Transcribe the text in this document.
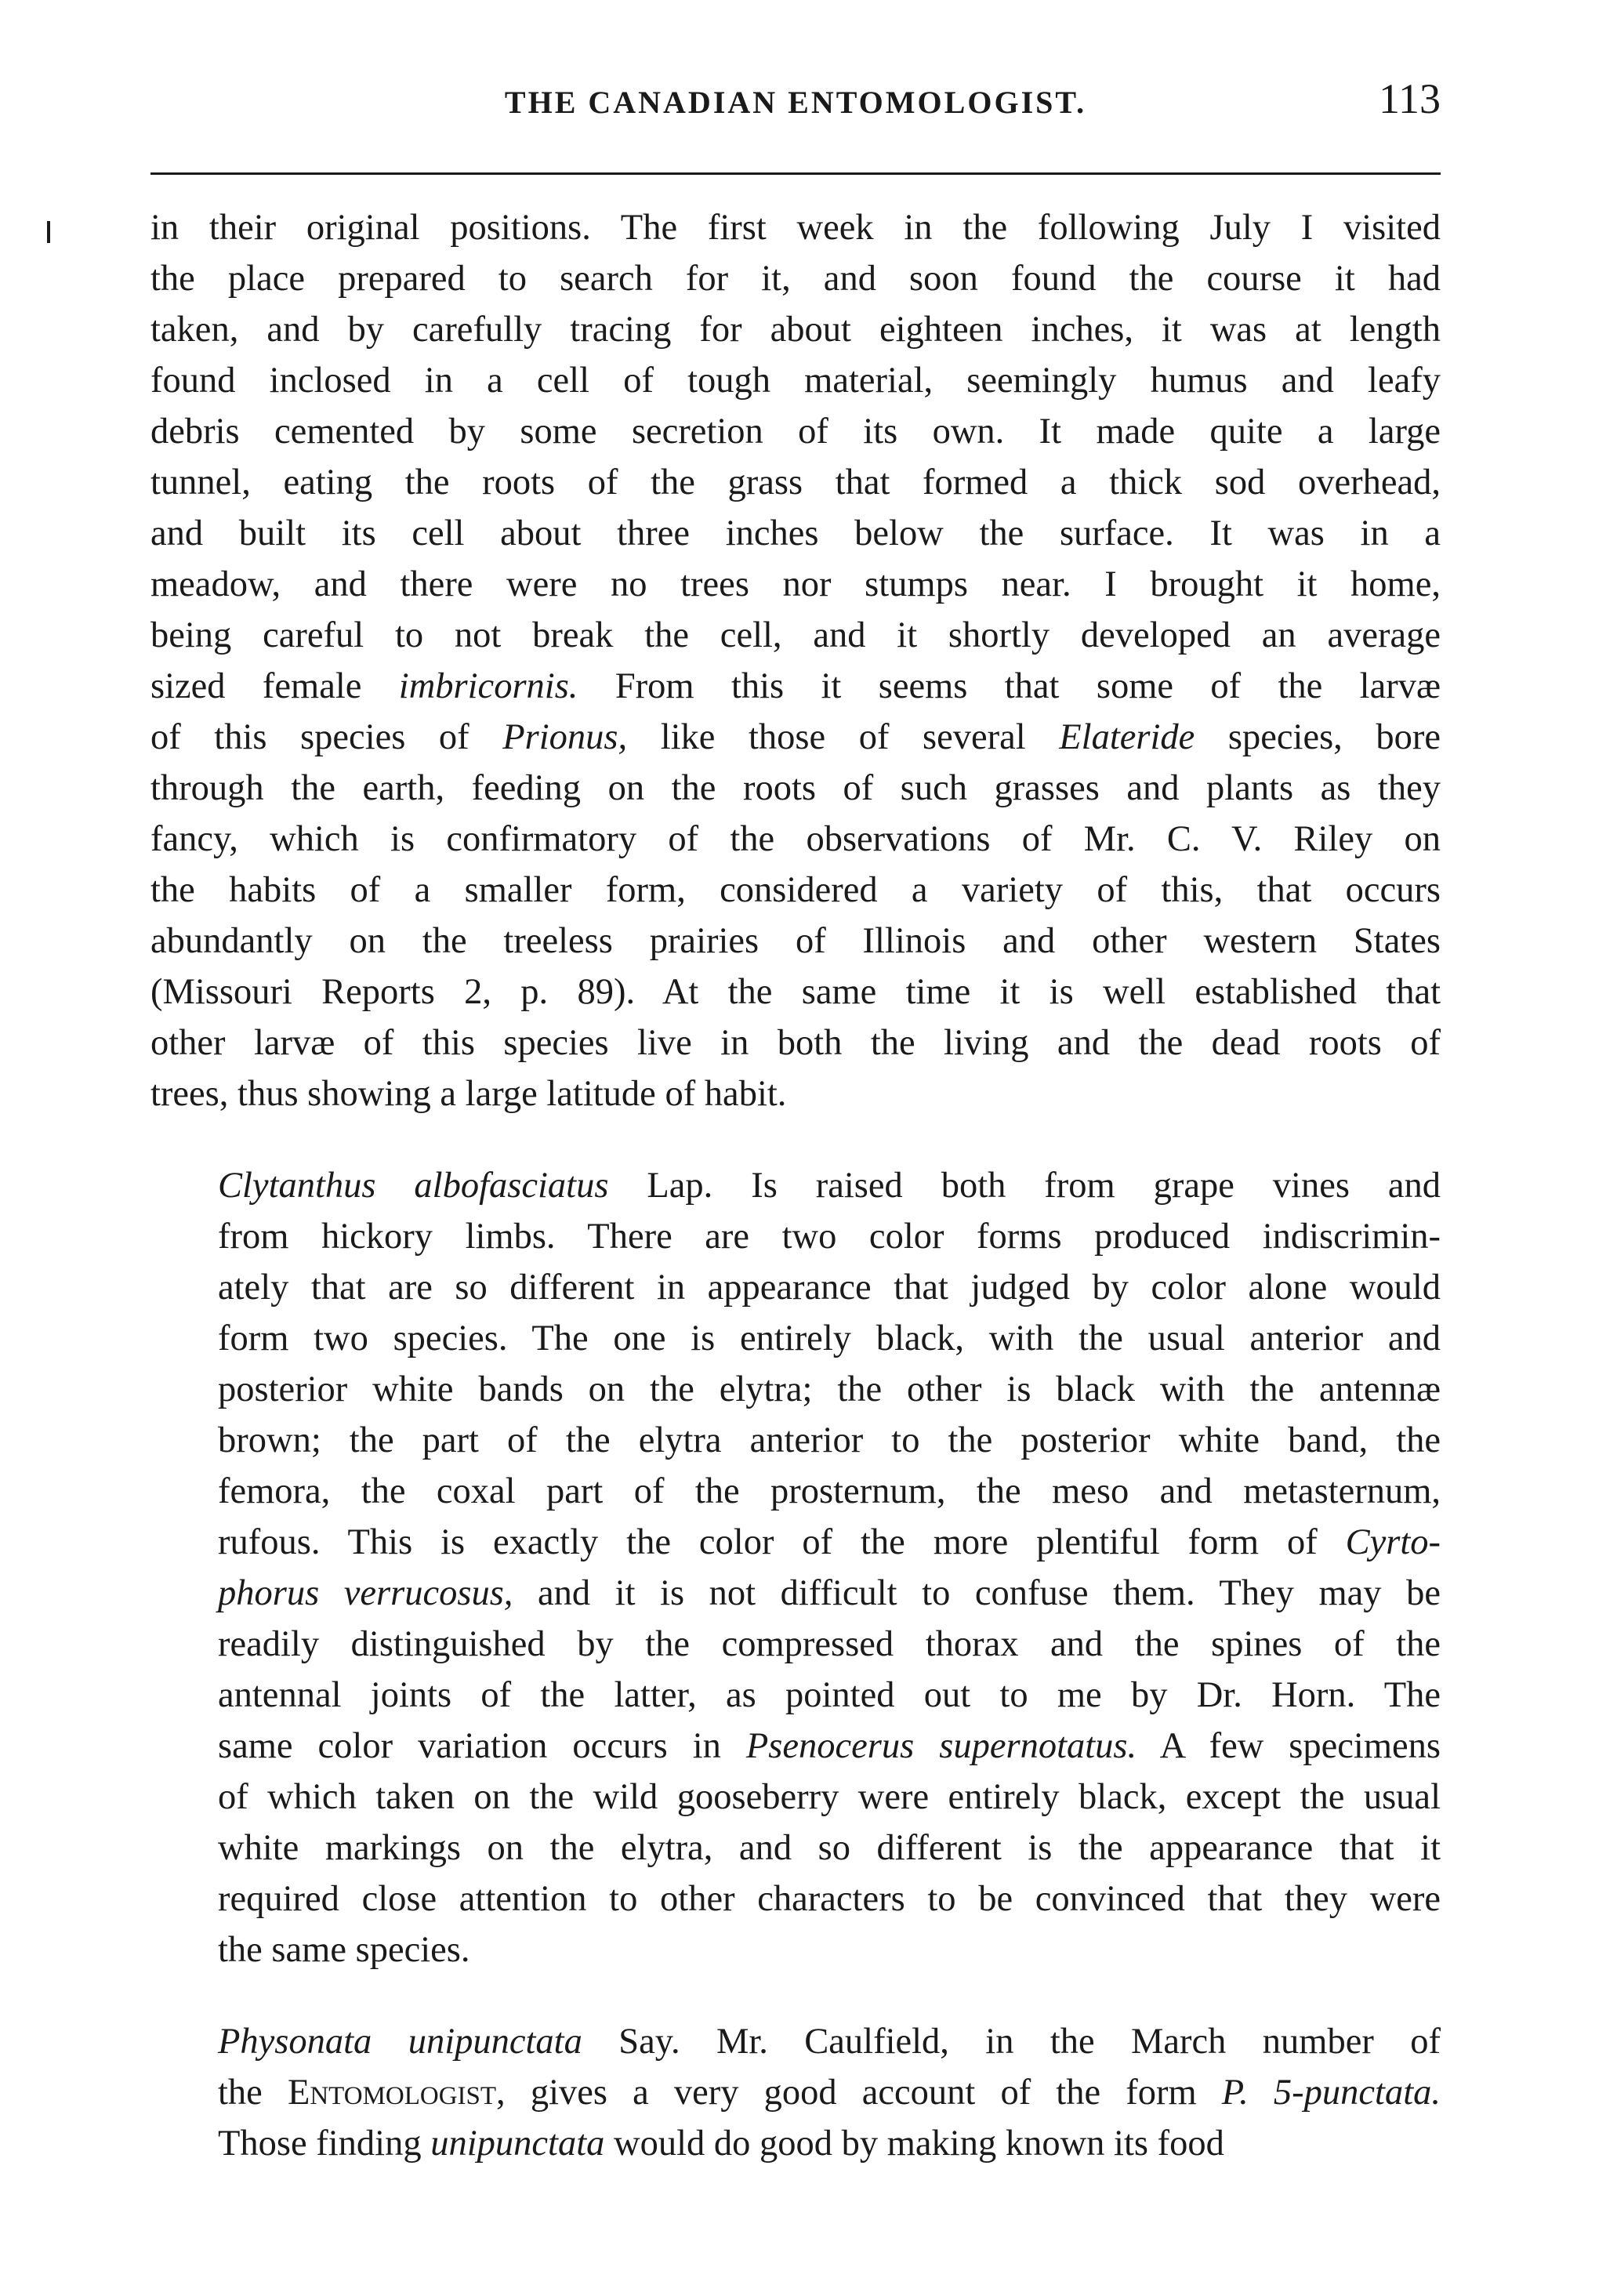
THE CANADIAN ENTOMOLOGIST.	113

in their original positions. The first week in the following July I visited
the place prepared to search for it, and soon found the course it had
taken, and by carefully tracing for about eighteen inches, it was at length
found inclosed in a cell of tough material, seemingly humus and leafy
debris cemented by some secretion of its own. It made quite a large
tunnel, eating the roots of the grass that formed a thick sod overhead,
and built its cell about three inches below the surface. It was in a
meadow, and there were no trees nor stumps near. I brought it home,
being careful to not break the cell, and it shortly developed an average
sized female imbricornis. From this it seems that some of the larvæ
of this species of Prionus, like those of several Elateride species, bore
through the earth, feeding on the roots of such grasses and plants as they
fancy, which is confirmatory of the observations of Mr. C. V. Riley on
the habits of a smaller form, considered a variety of this, that occurs
abundantly on the treeless prairies of Illinois and other western States
(Missouri Reports 2, p. 89). At the same time it is well established that
other larvæ of this species live in both the living and the dead roots of
trees, thus showing a large latitude of habit.

Clytanthus albofasciatus Lap. Is raised both from grape vines and
from hickory limbs. There are two color forms produced indiscrimin-
ately that are so different in appearance that judged by color alone would
form two species. The one is entirely black, with the usual anterior and
posterior white bands on the elytra; the other is black with the antennæ
brown; the part of the elytra anterior to the posterior white band, the
femora, the coxal part of the prosternum, the meso and metasternum,
rufous. This is exactly the color of the more plentiful form of Cyrto-
phorus verrucosus, and it is not difficult to confuse them. They may be
readily distinguished by the compressed thorax and the spines of the
antennal joints of the latter, as pointed out to me by Dr. Horn. The
same color variation occurs in Psenocerus supernotatus. A few specimens
of which taken on the wild gooseberry were entirely black, except the usual
white markings on the elytra, and so different is the appearance that it
required close attention to other characters to be convinced that they were
the same species.

Physonata unipunctata Say. Mr. Caulfield, in the March number of
the Entomologist, gives a very good account of the form P. 5-punctata.
Those finding unipunctata would do good by making known its food
